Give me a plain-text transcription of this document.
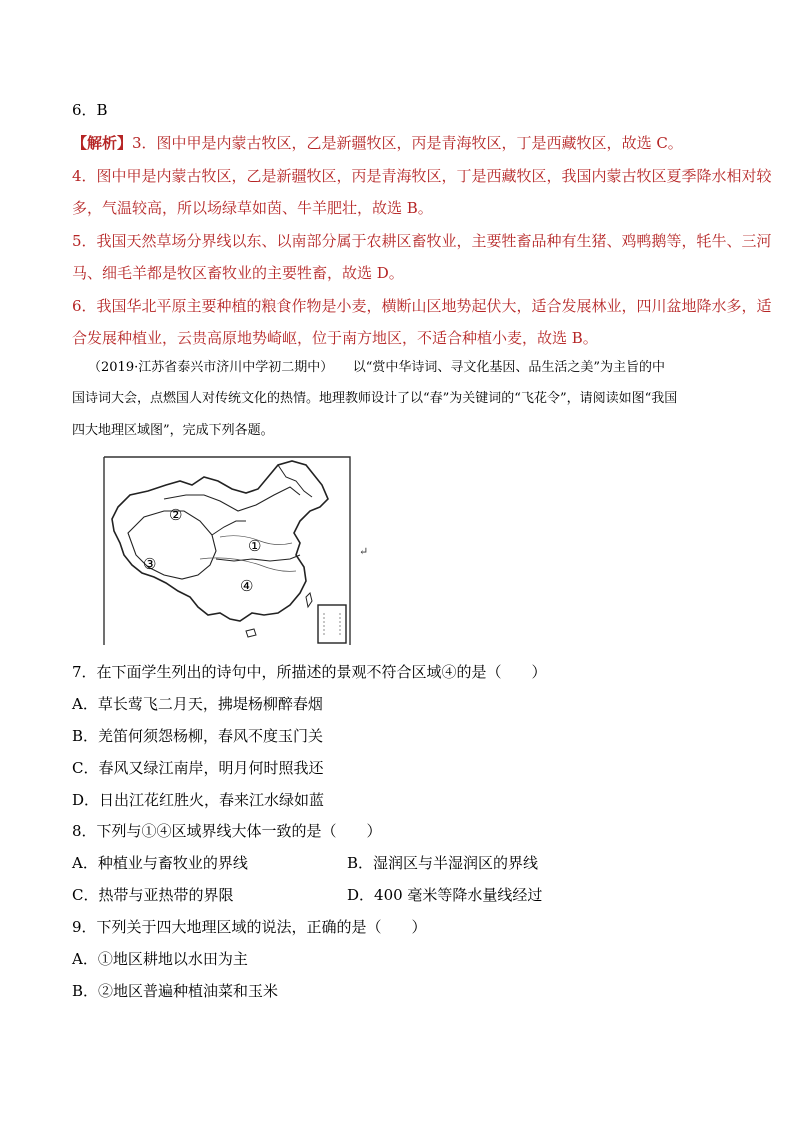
6．B
【解析】3．图中甲是内蒙古牧区，乙是新疆牧区，丙是青海牧区，丁是西藏牧区，故选 C。
4．图中甲是内蒙古牧区，乙是新疆牧区，丙是青海牧区，丁是西藏牧区，我国内蒙古牧区夏季降水相对较
多，气温较高，所以场绿草如茵、牛羊肥壮，故选 B。
5．我国天然草场分界线以东、以南部分属于农耕区畜牧业，主要牲畜品种有生猪、鸡鸭鹅等，牦牛、三河
马、细毛羊都是牧区畜牧业的主要牲畜，故选 D。
6．我国华北平原主要种植的粮食作物是小麦，横断山区地势起伏大，适合发展林业，四川盆地降水多，适
合发展种植业，云贵高原地势崎岖，位于南方地区，不适合种植小麦，故选 B。
（2019·江苏省泰兴市济川中学初二期中）　　以“赏中华诗词、寻文化基因、品生活之美”为主旨的中
国诗词大会，点燃国人对传统文化的热情。地理教师设计了以“春”为关键词的“飞花令”，请阅读如图“我国
四大地理区域图”，完成下列各题。
①
②
③
④
↵
7．在下面学生列出的诗句中，所描述的景观不符合区域④的是（　　）
A．草长莺飞二月天，拂堤杨柳醉春烟
B．羌笛何须怨杨柳，春风不度玉门关
C．春风又绿江南岸，明月何时照我还
D．日出江花红胜火，春来江水绿如蓝
8．下列与①④区域界线大体一致的是（　　）
A．种植业与畜牧业的界线	B．湿润区与半湿润区的界线
C．热带与亚热带的界限	D．400 毫米等降水量线经过
9．下列关于四大地理区域的说法，正确的是（　　）
A．①地区耕地以水田为主
B．②地区普遍种植油菜和玉米
